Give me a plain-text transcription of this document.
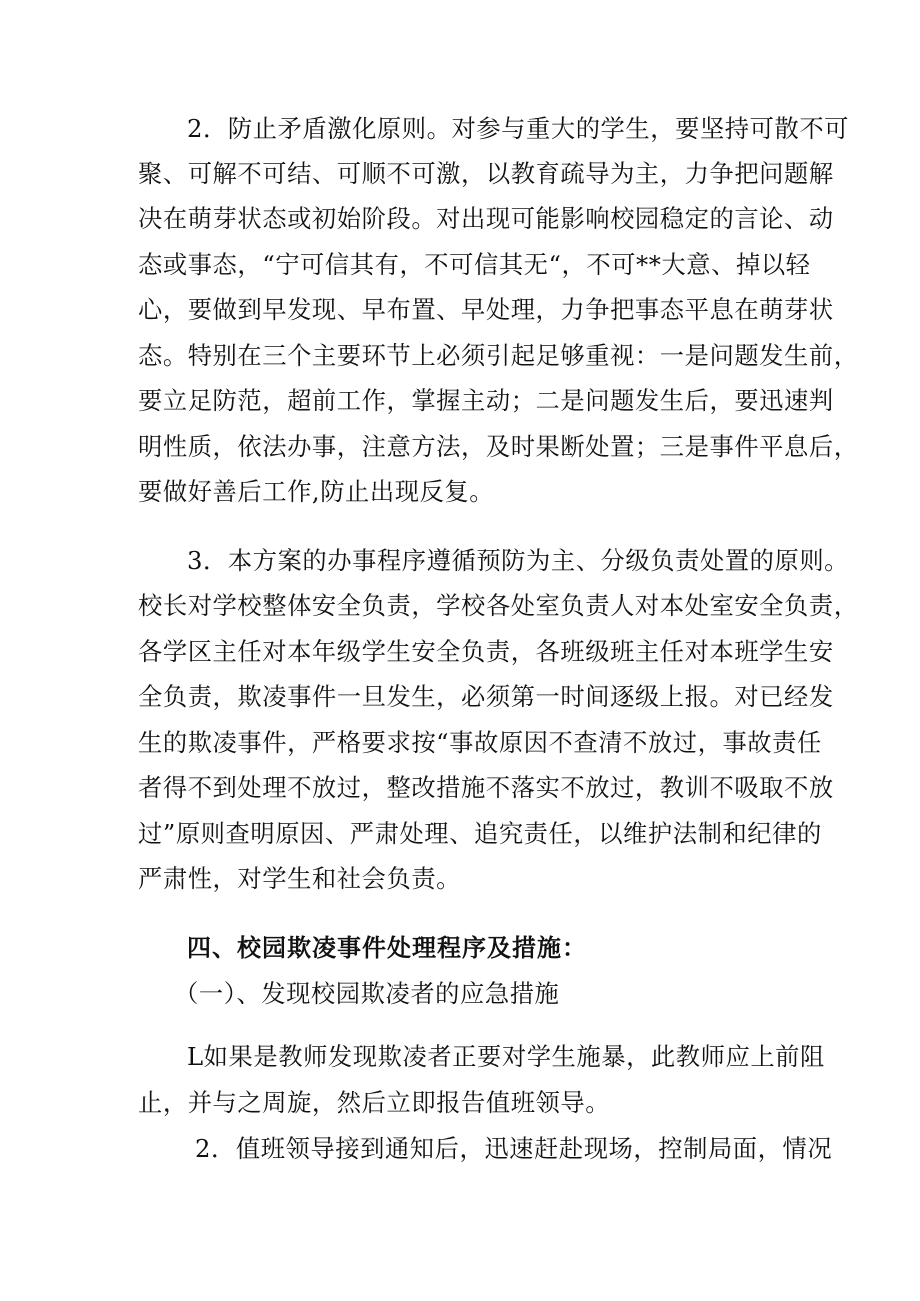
2．防止矛盾激化原则。对参与重大的学生，要坚持可散不可
聚、可解不可结、可顺不可激，以教育疏导为主，力争把问题解
决在萌芽状态或初始阶段。对出现可能影响校园稳定的言论、动
态或事态，“宁可信其有，不可信其无“，不可**大意、掉以轻
心，要做到早发现、早布置、早处理，力争把事态平息在萌芽状
态。特别在三个主要环节上必须引起足够重视：一是问题发生前，
要立足防范，超前工作，掌握主动；二是问题发生后，要迅速判
明性质，依法办事，注意方法，及时果断处置；三是事件平息后，
要做好善后工作,防止出现反复。
3．本方案的办事程序遵循预防为主、分级负责处置的原则。
校长对学校整体安全负责，学校各处室负责人对本处室安全负责，
各学区主任对本年级学生安全负责，各班级班主任对本班学生安
全负责，欺凌事件一旦发生，必须第一时间逐级上报。对已经发
生的欺凌事件，严格要求按“事故原因不查清不放过，事故责任
者得不到处理不放过，整改措施不落实不放过，教训不吸取不放
过”原则查明原因、严肃处理、追究责任，以维护法制和纪律的
严肃性，对学生和社会负责。
四、校园欺凌事件处理程序及措施：
（一）、发现校园欺凌者的应急措施
L如果是教师发现欺凌者正要对学生施暴，此教师应上前阻
止，并与之周旋，然后立即报告值班领导。
2．值班领导接到通知后，迅速赶赴现场，控制局面，情况
